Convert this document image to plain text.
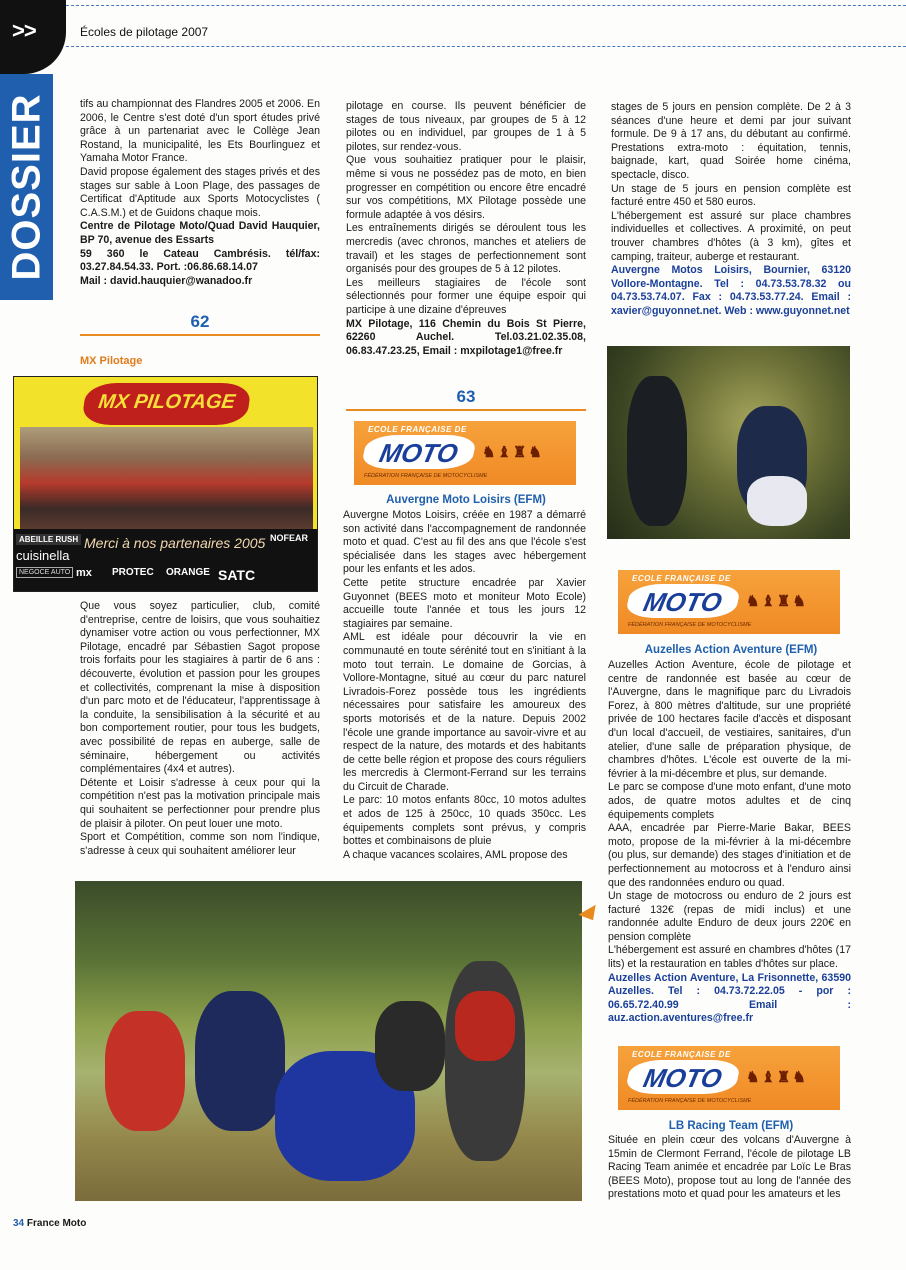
>>	Écoles de pilotage 2007
DOSSIER	tifs au championnat des Flandres 2005 et 2006. En 2006, le Centre s'est doté d'un sport études privé grâce à un partenariat avec le Collège Jean Rostand, la municipalité, les Ets Bourlinguez et Yamaha Motor France.

David propose également des stages privés et des stages sur sable à Loon Plage, des passages de Certificat d'Aptitude aux Sports Motocyclistes ( C.A.S.M.) et de Guidons chaque mois.

Centre de Pilotage Moto/Quad David Hauquier, BP 70, avenue des Essarts

59 360 le Cateau Cambrésis. tél/fax: 03.27.84.54.33. Port. :06.86.68.14.07

Mail : david.hauquier@wanadoo.fr

62
MX Pilotage
MX PILOTAGE
ABEILLE RUSH
cuisinella
NEGOCE AUTO
Merci à nos partenaires 2005
mx PROTEC ORANGE SATC
NOFEAR

Que vous soyez particulier, club, comité d'entreprise, centre de loisirs, que vous souhaitiez dynamiser votre action ou vous perfectionner, MX Pilotage, encadré par Sébastien Sagot propose trois forfaits pour les stagiaires à partir de 6 ans : découverte, évolution et passion pour les groupes et collectivités, comprenant la mise à disposition d'un parc moto et de l'éducateur, l'apprentissage à la conduite, la sensibilisation à la sécurité et au bon comportement routier, pour tous les budgets, avec possibilité de repas en auberge, salle de séminaire, hébergement ou activités complémentaires (4x4 et autres).

Détente et Loisir s'adresse à ceux pour qui la compétition n'est pas la motivation principale mais qui souhaitent se perfectionner pour prendre plus de plaisir à piloter. On peut louer une moto.

Sport et Compétition, comme son nom l'indique, s'adresse à ceux qui souhaitent améliorer leur

pilotage en course. Ils peuvent bénéficier de stages de tous niveaux, par groupes de 5 à 12 pilotes ou en individuel, par groupes de 1 à 5 pilotes, sur rendez-vous.

Que vous souhaitiez pratiquer pour le plaisir, même si vous ne possédez pas de moto, en bien progresser en compétition ou encore être encadré sur vos compétitions, MX Pilotage possède une formule adaptée à vos désirs.

Les entraînements dirigés se déroulent tous les mercredis (avec chronos, manches et ateliers de travail) et les stages de perfectionnement sont organisés pour des groupes de 5 à 12 pilotes.

Les meilleurs stagiaires de l'école sont sélectionnés pour former une équipe espoir qui participe à une dizaine d'épreuves

MX Pilotage, 116 Chemin du Bois St Pierre, 62260 Auchel. Tel.03.21.02.35.08, 06.83.47.23.25, Email : mxpilotage1@free.fr

63
ECOLE FRANÇAISE DE
MOTO
FÉDÉRATION FRANÇAISE DE MOTOCYCLISME
♞♝♜♞
Auvergne Moto Loisirs (EFM)

Auvergne Motos Loisirs, créée en 1987 a démarré son activité dans l'accompagnement de randonnée moto et quad. C'est au fil des ans que l'école s'est spécialisée dans les stages avec hébergement pour les enfants et les ados.

Cette petite structure encadrée par Xavier Guyonnet (BEES moto et moniteur Moto Ecole) accueille toute l'année et tous les jours 12 stagiaires par semaine.

AML est idéale pour découvrir la vie en communauté en toute sérénité tout en s'initiant à la moto tout terrain. Le domaine de Gorcias, à Vollore-Montagne, situé au cœur du parc naturel Livradois-Forez possède tous les ingrédients nécessaires pour satisfaire les amoureux des sports motorisés et de la nature. Depuis 2002 l'école une grande importance au savoir-vivre et au respect de la nature, des motards et des habitants de cette belle région et propose des cours réguliers les mercredis à Clermont-Ferrand sur les terrains du Circuit de Charade.

Le parc: 10 motos enfants 80cc, 10 motos adultes et ados de 125 à 250cc, 10 quads 350cc. Les équipements complets sont prévus, y compris bottes et combinaisons de pluie

A chaque vacances scolaires, AML propose des

stages de 5 jours en pension complète. De 2 à 3 séances d'une heure et demi par jour suivant formule. De 9 à 17 ans, du débutant au confirmé. Prestations extra-moto : équitation, tennis, baignade, kart, quad Soirée home cinéma, spectacle, disco.

Un stage de 5 jours en pension complète est facturé entre 450 et 580 euros.

L'hébergement est assuré sur place chambres individuelles et collectives. A proximité, on peut trouver chambres d'hôtes (à 3 km), gîtes et camping, traiteur, auberge et restaurant.

Auvergne Motos Loisirs, Bournier, 63120 Vollore-Montagne. Tel : 04.73.53.78.32 ou 04.73.53.74.07. Fax : 04.73.53.77.24. Email : xavier@guyonnet.net. Web : www.guyonnet.net

ECOLE FRANÇAISE DE
MOTO
FÉDÉRATION FRANÇAISE DE MOTOCYCLISME
♞♝♜♞
Auzelles Action Aventure (EFM)

Auzelles Action Aventure, école de pilotage et centre de randonnée est basée au cœur de l'Auvergne, dans le magnifique parc du Livradois Forez, à 800 mètres d'altitude, sur une propriété privée de 100 hectares facile d'accès et disposant d'un local d'accueil, de vestiaires, sanitaires, d'un atelier, d'une salle de préparation physique, de chambres d'hôtes. L'école est ouverte de la mi-février à la mi-décembre et plus, sur demande.

Le parc se compose d'une moto enfant, d'une moto ados, de quatre motos adultes et de cinq équipements complets

AAA, encadrée par Pierre-Marie Bakar, BEES moto, propose de la mi-février à la mi-décembre (ou plus, sur demande) des stages d'initiation et de perfectionnement au motocross et à l'enduro ainsi que des randonnées enduro ou quad.

Un stage de motocross ou enduro de 2 jours est facturé 132€ (repas de midi inclus) et une randonnée adulte Enduro de deux jours 220€ en pension complète

L'hébergement est assuré en chambres d'hôtes (17 lits) et la restauration en tables d'hôtes sur place.

Auzelles Action Aventure, La Frisonnette, 63590 Auzelles. Tel : 04.73.72.22.05 - por : 06.65.72.40.99 Email : auz.action.aventures@free.fr

ECOLE FRANÇAISE DE
MOTO
FÉDÉRATION FRANÇAISE DE MOTOCYCLISME
♞♝♜♞
LB Racing Team (EFM)

Située en plein cœur des volcans d'Auvergne à 15min de Clermont Ferrand, l'école de pilotage LB Racing Team animée et encadrée par Loïc Le Bras (BEES Moto), propose tout au long de l'année des prestations moto et quad pour les amateurs et les

34 France Moto
